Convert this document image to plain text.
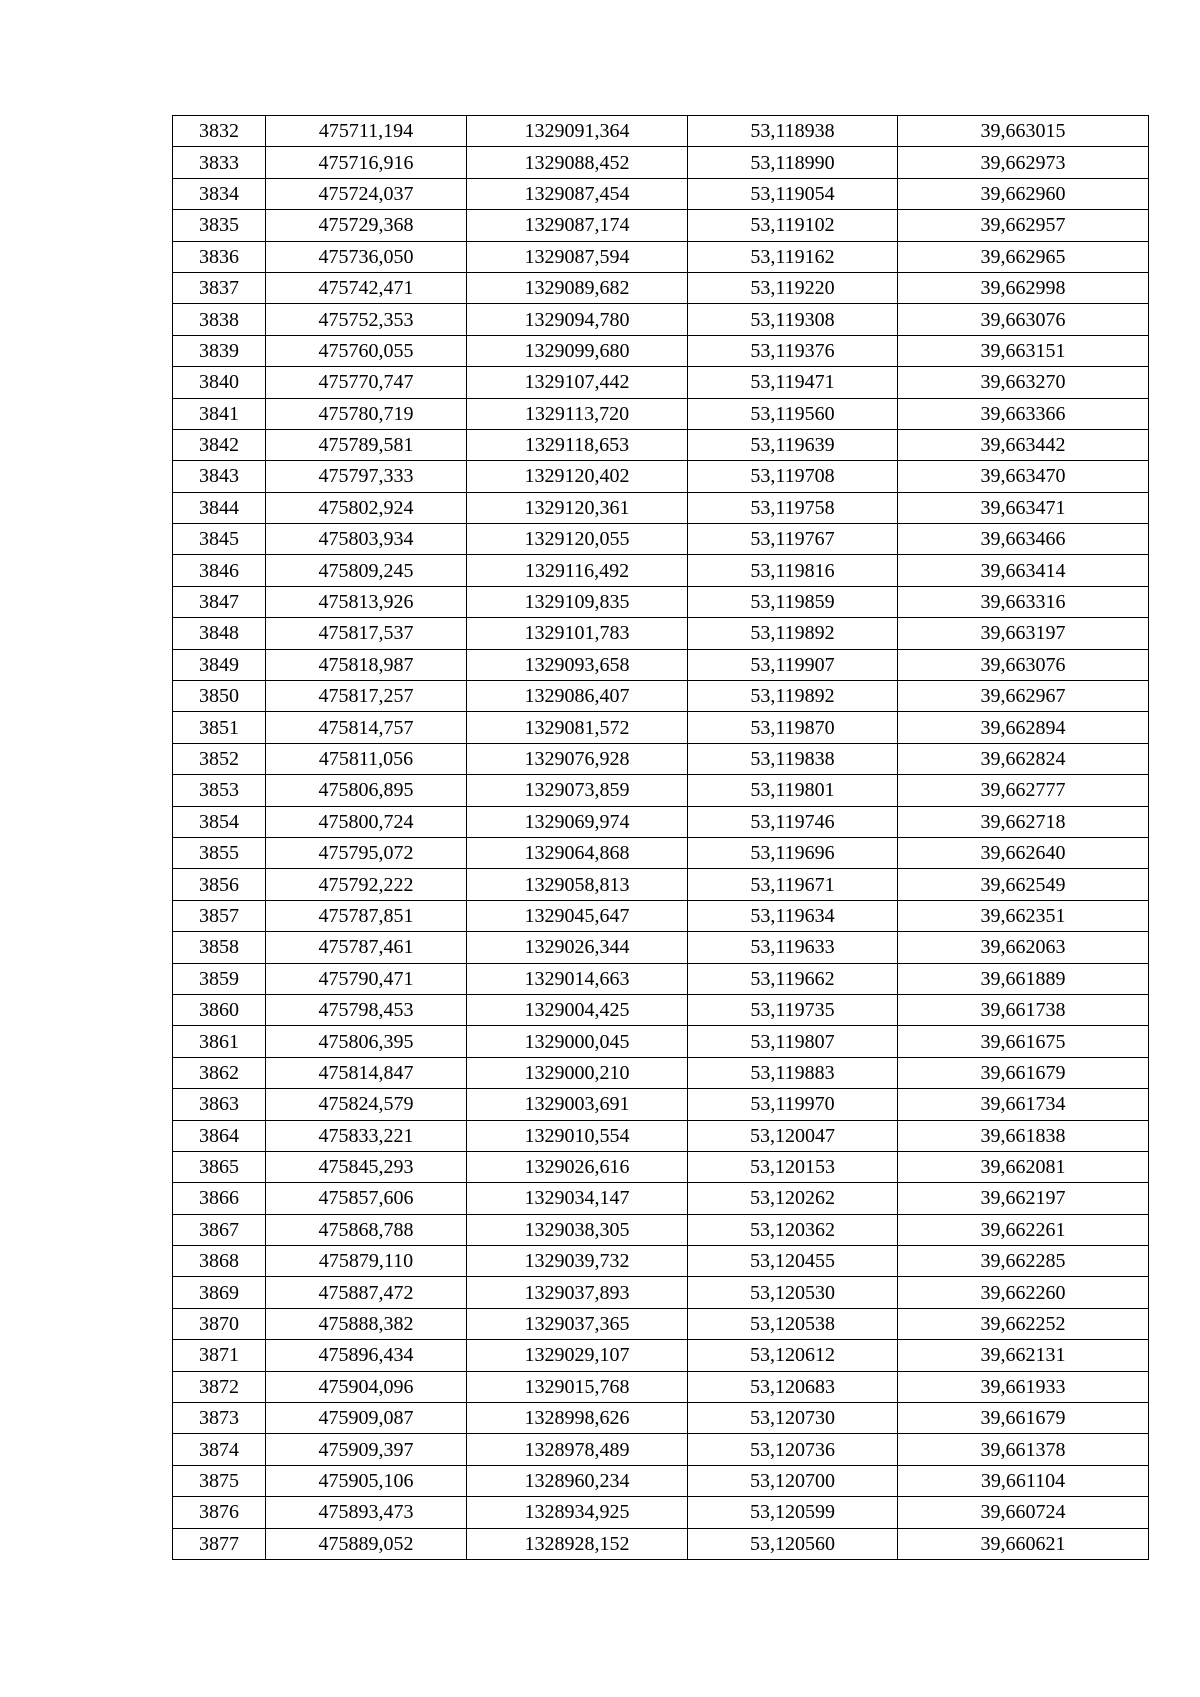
3832	475711,194	1329091,364	53,118938	39,663015
3833	475716,916	1329088,452	53,118990	39,662973
3834	475724,037	1329087,454	53,119054	39,662960
3835	475729,368	1329087,174	53,119102	39,662957
3836	475736,050	1329087,594	53,119162	39,662965
3837	475742,471	1329089,682	53,119220	39,662998
3838	475752,353	1329094,780	53,119308	39,663076
3839	475760,055	1329099,680	53,119376	39,663151
3840	475770,747	1329107,442	53,119471	39,663270
3841	475780,719	1329113,720	53,119560	39,663366
3842	475789,581	1329118,653	53,119639	39,663442
3843	475797,333	1329120,402	53,119708	39,663470
3844	475802,924	1329120,361	53,119758	39,663471
3845	475803,934	1329120,055	53,119767	39,663466
3846	475809,245	1329116,492	53,119816	39,663414
3847	475813,926	1329109,835	53,119859	39,663316
3848	475817,537	1329101,783	53,119892	39,663197
3849	475818,987	1329093,658	53,119907	39,663076
3850	475817,257	1329086,407	53,119892	39,662967
3851	475814,757	1329081,572	53,119870	39,662894
3852	475811,056	1329076,928	53,119838	39,662824
3853	475806,895	1329073,859	53,119801	39,662777
3854	475800,724	1329069,974	53,119746	39,662718
3855	475795,072	1329064,868	53,119696	39,662640
3856	475792,222	1329058,813	53,119671	39,662549
3857	475787,851	1329045,647	53,119634	39,662351
3858	475787,461	1329026,344	53,119633	39,662063
3859	475790,471	1329014,663	53,119662	39,661889
3860	475798,453	1329004,425	53,119735	39,661738
3861	475806,395	1329000,045	53,119807	39,661675
3862	475814,847	1329000,210	53,119883	39,661679
3863	475824,579	1329003,691	53,119970	39,661734
3864	475833,221	1329010,554	53,120047	39,661838
3865	475845,293	1329026,616	53,120153	39,662081
3866	475857,606	1329034,147	53,120262	39,662197
3867	475868,788	1329038,305	53,120362	39,662261
3868	475879,110	1329039,732	53,120455	39,662285
3869	475887,472	1329037,893	53,120530	39,662260
3870	475888,382	1329037,365	53,120538	39,662252
3871	475896,434	1329029,107	53,120612	39,662131
3872	475904,096	1329015,768	53,120683	39,661933
3873	475909,087	1328998,626	53,120730	39,661679
3874	475909,397	1328978,489	53,120736	39,661378
3875	475905,106	1328960,234	53,120700	39,661104
3876	475893,473	1328934,925	53,120599	39,660724
3877	475889,052	1328928,152	53,120560	39,660621
